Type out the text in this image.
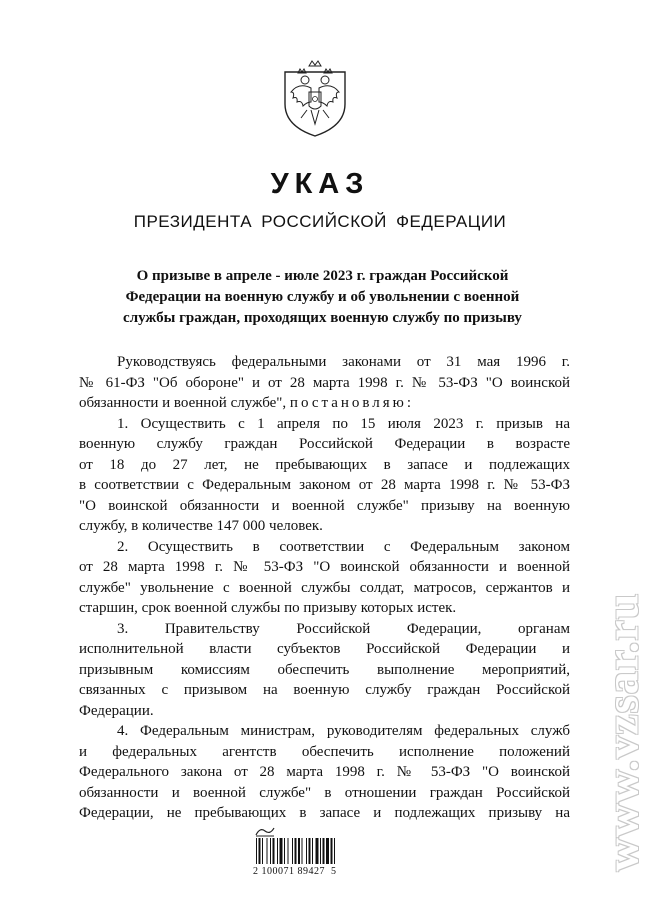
УКАЗ
ПРЕЗИДЕНТА РОССИЙСКОЙ ФЕДЕРАЦИИ
О призыве в апреле - июле 2023 г. граждан Российской
Федерации на военную службу и об увольнении с военной
службы граждан, проходящих военную службу по призыву
Руководствуясь федеральными законами от 31 мая 1996 г.
№ 61-ФЗ "Об обороне" и от 28 марта 1998 г. № 53-ФЗ "О воинской
обязанности и военной службе", постановляю:
1. Осуществить с 1 апреля по 15 июля 2023 г. призыв на
военную службу граждан Российской Федерации в возрасте
от 18 до 27 лет, не пребывающих в запасе и подлежащих
в соответствии с Федеральным законом от 28 марта 1998 г. № 53-ФЗ
"О воинской обязанности и военной службе" призыву на военную
службу, в количестве 147 000 человек.
2. Осуществить в соответствии с Федеральным законом
от 28 марта 1998 г. № 53-ФЗ "О воинской обязанности и военной
службе" увольнение с военной службы солдат, матросов, сержантов и
старшин, срок военной службы по призыву которых истек.
3. Правительству Российской Федерации, органам
исполнительной власти субъектов Российской Федерации и
призывным комиссиям обеспечить выполнение мероприятий,
связанных с призывом на военную службу граждан Российской
Федерации.
4. Федеральным министрам, руководителям федеральных служб
и федеральных агентств обеспечить исполнение положений
Федерального закона от 28 марта 1998 г. № 53-ФЗ "О воинской
обязанности и военной службе" в отношении граждан Российской
Федерации, не пребывающих в запасе и подлежащих призыву на
2 100071 89427  5
www.vzsar.ru
